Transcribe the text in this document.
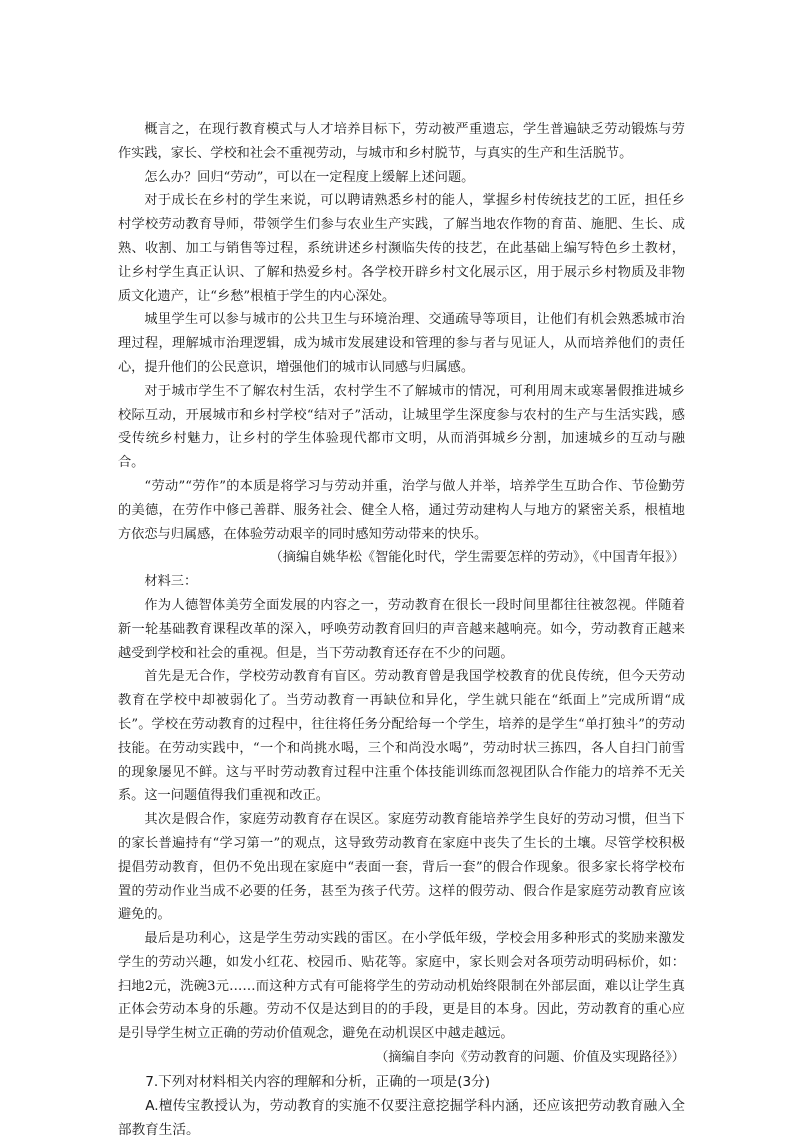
概言之，在现行教育模式与人才培养目标下，劳动被严重遗忘，学生普遍缺乏劳动锻炼与劳作实践，家长、学校和社会不重视劳动，与城市和乡村脱节，与真实的生产和生活脱节。

怎么办？回归“劳动”，可以在一定程度上缓解上述问题。

对于成长在乡村的学生来说，可以聘请熟悉乡村的能人，掌握乡村传统技艺的工匠，担任乡村学校劳动教育导师，带领学生们参与农业生产实践，了解当地农作物的育苗、施肥、生长、成熟、收割、加工与销售等过程，系统讲述乡村濒临失传的技艺，在此基础上编写特色乡土教材，让乡村学生真正认识、了解和热爱乡村。各学校开辟乡村文化展示区，用于展示乡村物质及非物质文化遗产，让“乡愁”根植于学生的内心深处。

城里学生可以参与城市的公共卫生与环境治理、交通疏导等项目，让他们有机会熟悉城市治理过程，理解城市治理逻辑，成为城市发展建设和管理的参与者与见证人，从而培养他们的责任心，提升他们的公民意识，增强他们的城市认同感与归属感。

对于城市学生不了解农村生活，农村学生不了解城市的情况，可利用周末或寒暑假推进城乡校际互动，开展城市和乡村学校“结对子”活动，让城里学生深度参与农村的生产与生活实践，感受传统乡村魅力，让乡村的学生体验现代都市文明，从而消弭城乡分割，加速城乡的互动与融合。

“劳动”“劳作”的本质是将学习与劳动并重，治学与做人并举，培养学生互助合作、节俭勤劳的美德，在劳作中修己善群、服务社会、健全人格，通过劳动建构人与地方的紧密关系，根植地方依恋与归属感，在体验劳动艰辛的同时感知劳动带来的快乐。

（摘编自姚华松《智能化时代，学生需要怎样的劳动》，《中国青年报》）

材料三：

作为人德智体美劳全面发展的内容之一，劳动教育在很长一段时间里都往往被忽视。伴随着新一轮基础教育课程改革的深入，呼唤劳动教育回归的声音越来越响亮。如今，劳动教育正越来越受到学校和社会的重视。但是，当下劳动教育还存在不少的问题。

首先是无合作，学校劳动教育有盲区。劳动教育曾是我国学校教育的优良传统，但今天劳动教育在学校中却被弱化了。当劳动教育一再缺位和异化，学生就只能在“纸面上”完成所谓“成长”。学校在劳动教育的过程中，往往将任务分配给每一个学生，培养的是学生“单打独斗”的劳动技能。在劳动实践中，“一个和尚挑水喝，三个和尚没水喝”，劳动时状三拣四，各人自扫门前雪的现象屡见不鲜。这与平时劳动教育过程中注重个体技能训练而忽视团队合作能力的培养不无关系。这一问题值得我们重视和改正。

其次是假合作，家庭劳动教育存在误区。家庭劳动教育能培养学生良好的劳动习惯，但当下的家长普遍持有“学习第一”的观点，这导致劳动教育在家庭中丧失了生长的土壤。尽管学校积极提倡劳动教育，但仍不免出现在家庭中“表面一套，背后一套”的假合作现象。很多家长将学校布置的劳动作业当成不必要的任务，甚至为孩子代劳。这样的假劳动、假合作是家庭劳动教育应该避免的。

最后是功利心，这是学生劳动实践的雷区。在小学低年级，学校会用多种形式的奖励来激发学生的劳动兴趣，如发小红花、校园币、贴花等。家庭中，家长则会对各项劳动明码标价，如：扫地2元，洗碗3元……而这种方式有可能将学生的劳动动机始终限制在外部层面，难以让学生真正体会劳动本身的乐趣。劳动不仅是达到目的的手段，更是目的本身。因此，劳动教育的重心应是引导学生树立正确的劳动价值观念，避免在动机误区中越走越远。

（摘编自李向《劳动教育的问题、价值及实现路径》）

7.下列对材料相关内容的理解和分析，正确的一项是(3分)

A.檀传宝教授认为，劳动教育的实施不仅要注意挖掘学科内涵，还应该把劳动教育融入全部教育生活。
